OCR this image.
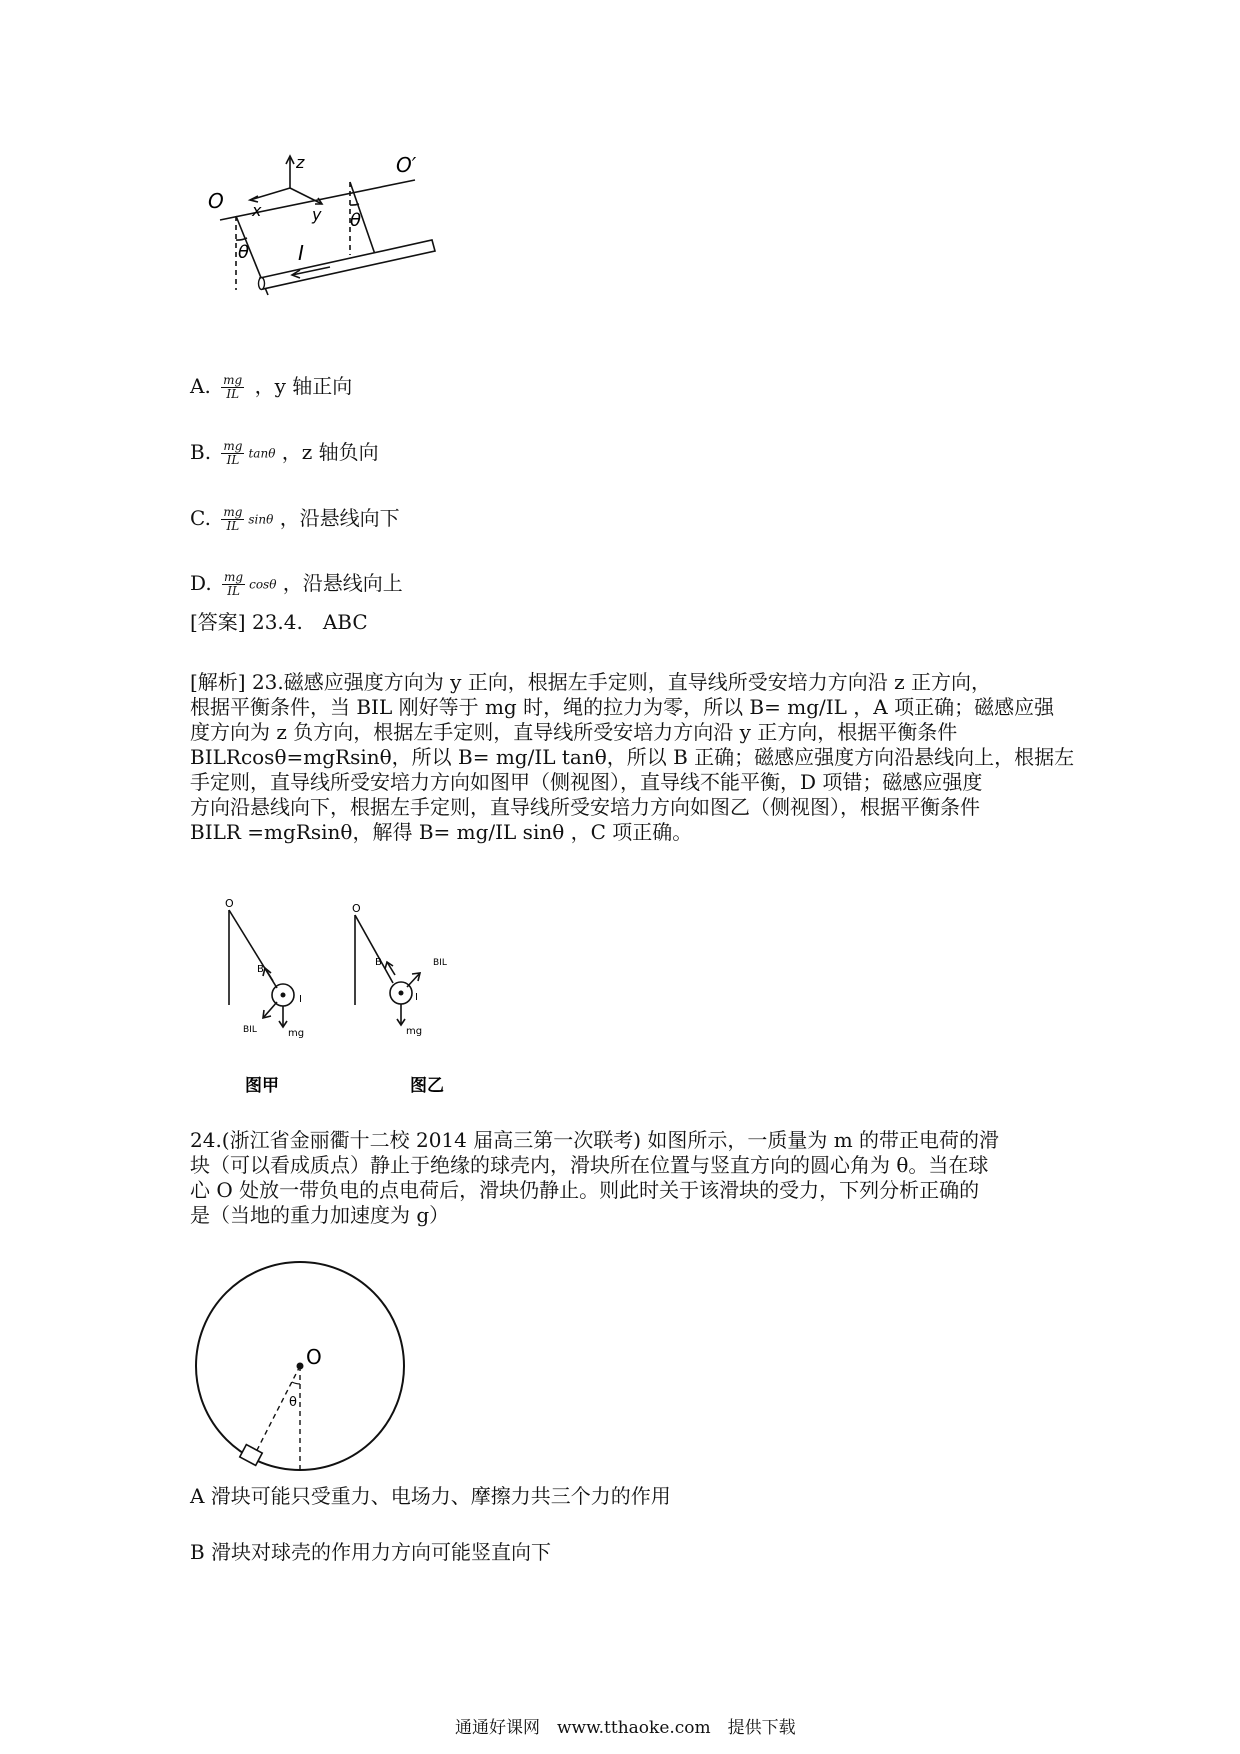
O
O′
z
x	y
I
θ
θ
A. $\frac{mg}{IL}$ ，y 轴正向
B. $\frac{mg}{IL}$ tanθ ，z 轴负向
C. $\frac{mg}{IL}$ sinθ ，沿悬线向下
D. $\frac{mg}{IL}$ cosθ ，沿悬线向上
[答案] 23.4.　ABC
[解析] 23.磁感应强度方向为 y 正向，根据左手定则，直导线所受安培力方向沿 z 正方向，
根据平衡条件，当 BIL 刚好等于 mg 时，绳的拉力为零，所以 B= mg/IL ，A 项正确；磁感应强
度方向为 z 负方向，根据左手定则，直导线所受安培力方向沿 y 正方向，根据平衡条件
BILRcosθ=mgRsinθ，所以 B= mg/IL tanθ，所以 B 正确；磁感应强度方向沿悬线向上，根据左
手定则，直导线所受安培力方向如图甲（侧视图），直导线不能平衡，D 项错；磁感应强度
方向沿悬线向下，根据左手定则，直导线所受安培力方向如图乙（侧视图），根据平衡条件
BILR =mgRsinθ，解得 B= mg/IL sinθ ，C 项正确。
O
B
I
BIL	mg
图甲
O
B
I
BIL
mg
图乙
24.(浙江省金丽衢十二校 2014 届高三第一次联考) 如图所示，一质量为 m 的带正电荷的滑
块（可以看成质点）静止于绝缘的球壳内，滑块所在位置与竖直方向的圆心角为 θ。当在球
心 O 处放一带负电的点电荷后，滑块仍静止。则此时关于该滑块的受力，下列分析正确的
是（当地的重力加速度为 g）
O
θ
A 滑块可能只受重力、电场力、摩擦力共三个力的作用
B 滑块对球壳的作用力方向可能竖直向下
通通好课网　www.tthaoke.com　提供下载
